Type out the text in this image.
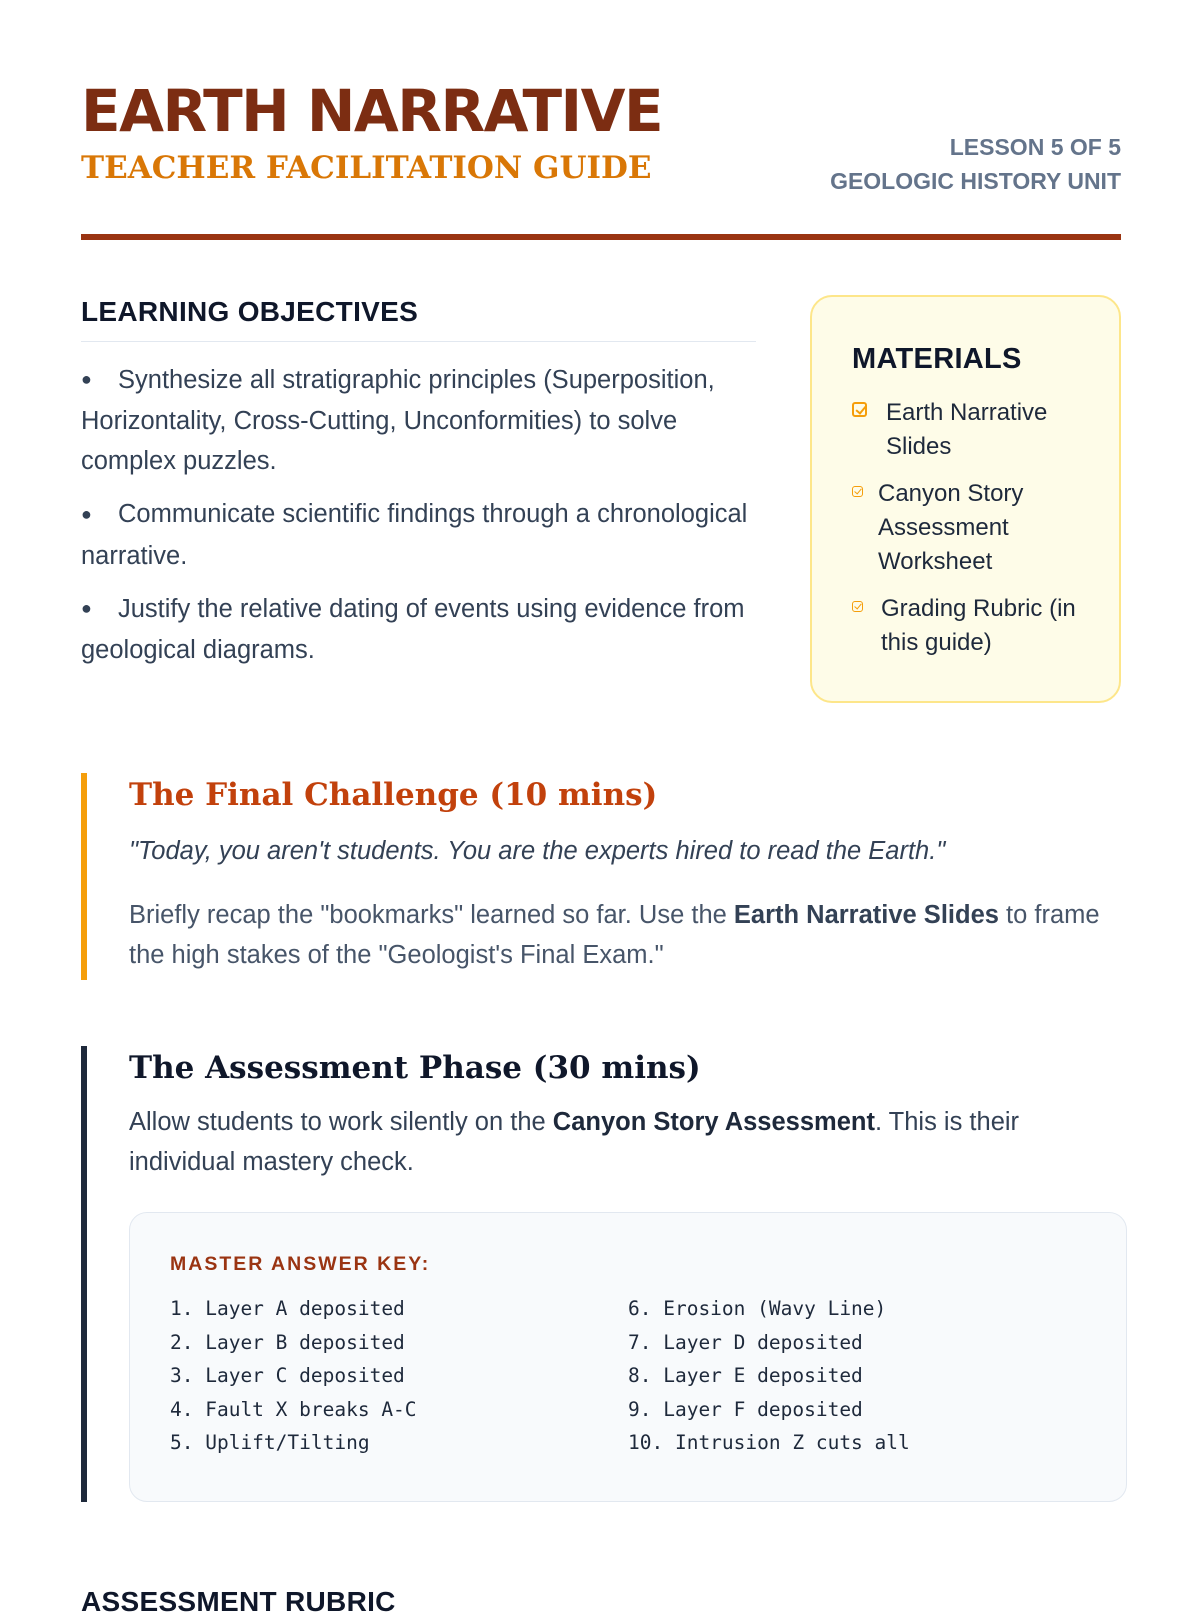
EARTH NARRATIVE
TEACHER FACILITATION GUIDE
LESSON 5 OF 5
GEOLOGIC HISTORY UNIT
LEARNING OBJECTIVES
● Synthesize all stratigraphic principles (Superposition, Horizontality, Cross-Cutting, Unconformities) to solve complex puzzles.
● Communicate scientific findings through a chronological narrative.
● Justify the relative dating of events using evidence from geological diagrams.
MATERIALS
Earth Narrative Slides
Canyon Story Assessment Worksheet
Grading Rubric (in this guide)
The Final Challenge (10 mins)

"Today, you aren't students. You are the experts hired to read the Earth."

Briefly recap the "bookmarks" learned so far. Use the Earth Narrative Slides to frame the high stakes of the "Geologist's Final Exam."

The Assessment Phase (30 mins)

Allow students to work silently on the Canyon Story Assessment. This is their individual mastery check.

MASTER ANSWER KEY:
1. Layer A deposited
2. Layer B deposited
3. Layer C deposited
4. Fault X breaks A-C
5. Uplift/Tilting
6. Erosion (Wavy Line)
7. Layer D deposited
8. Layer E deposited
9. Layer F deposited
10. Intrusion Z cuts all
ASSESSMENT RUBRIC
